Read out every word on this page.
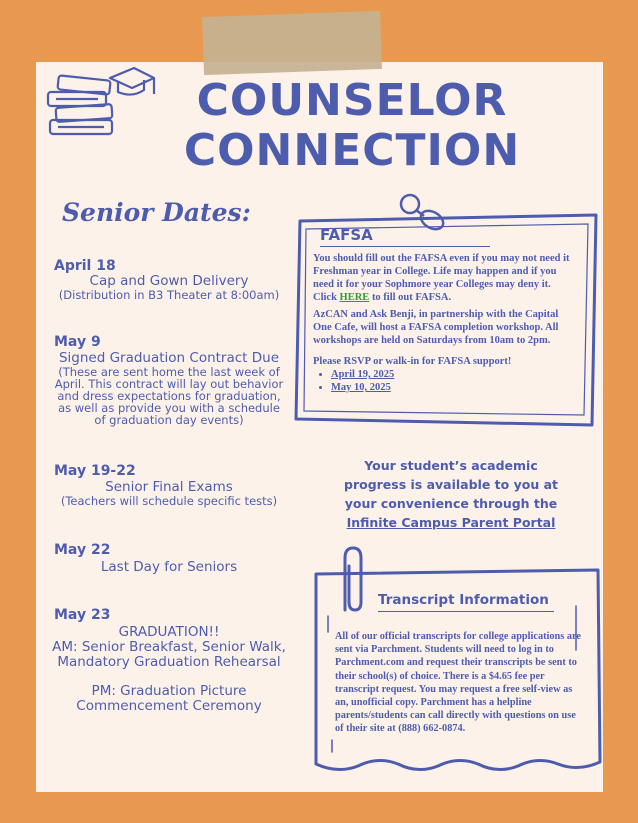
COUNSELOR
CONNECTION
Senior Dates:
April 18
Cap and Gown Delivery
(Distribution in B3 Theater at 8:00am)
May 9
Signed Graduation Contract Due
(These are sent home the last week of April. This contract will lay out behavior and dress expectations for graduation, as well as provide you with a schedule of graduation day events)
May 19-22
Senior Final Exams
(Teachers will schedule specific tests)
May 22
Last Day for Seniors
May 23
GRADUATION!!
AM: Senior Breakfast, Senior Walk,
Mandatory Graduation Rehearsal
PM: Graduation Picture
Commencement Ceremony
FAFSA

You should fill out the FAFSA even if you may not need it Freshman year in College. Life may happen and if you need it for your Sophmore year Colleges may deny it. Click HERE to fill out FAFSA.

AzCAN and Ask Benji, in partnership with the Capital One Cafe, will host a FAFSA completion workshop. All workshops are held on Saturdays from 10am to 2pm.

Please RSVP or walk-in for FAFSA support!

• April 19, 2025
• May 10, 2025
Your student’s academic
progress is available to you at
your convenience through the
Infinite Campus Parent Portal
Transcript Information
All of our official transcripts for college applications are sent via Parchment. Students will need to log in to Parchment.com and request their transcripts be sent to their school(s) of choice. There is a $4.65 fee per transcript request. You may request a free self-view as an, unofficial copy. Parchment has a helpline parents/students can call directly with questions on use of their site at (888) 662-0874.
